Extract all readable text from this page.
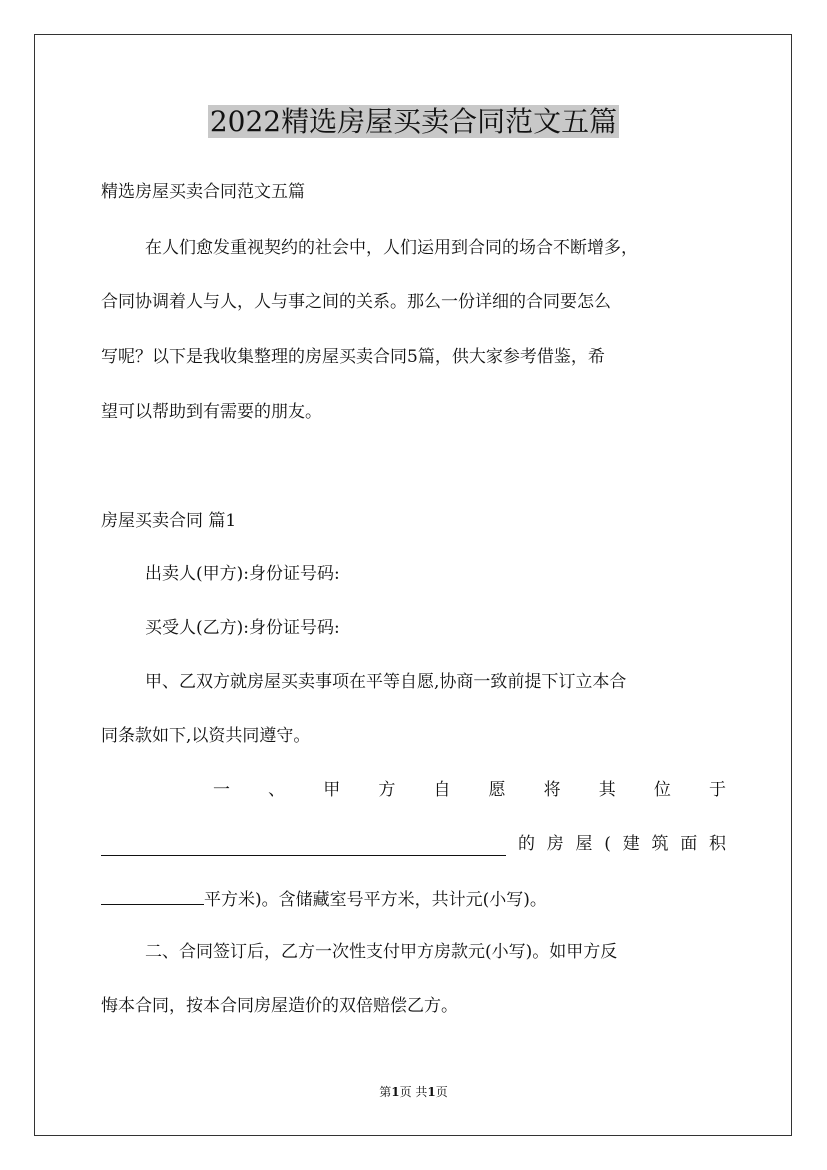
2022精选房屋买卖合同范文五篇
精选房屋买卖合同范文五篇
在人们愈发重视契约的社会中，人们运用到合同的场合不断增多，
合同协调着人与人，人与事之间的关系。那么一份详细的合同要怎么
写呢？以下是我收集整理的房屋买卖合同5篇，供大家参考借鉴，希
望可以帮助到有需要的朋友。
房屋买卖合同 篇1
出卖人(甲方):身份证号码:
买受人(乙方):身份证号码:
甲、乙双方就房屋买卖事项在平等自愿,协商一致前提下订立本合
同条款如下,以资共同遵守。
一 、 甲 方 自 愿 将 其 位 于
的 房 屋 ( 建 筑 面 积
平方米)。含储藏室号平方米，共计元(小写)。
二、合同签订后，乙方一次性支付甲方房款元(小写)。如甲方反
悔本合同，按本合同房屋造价的双倍赔偿乙方。
第1页 共1页
